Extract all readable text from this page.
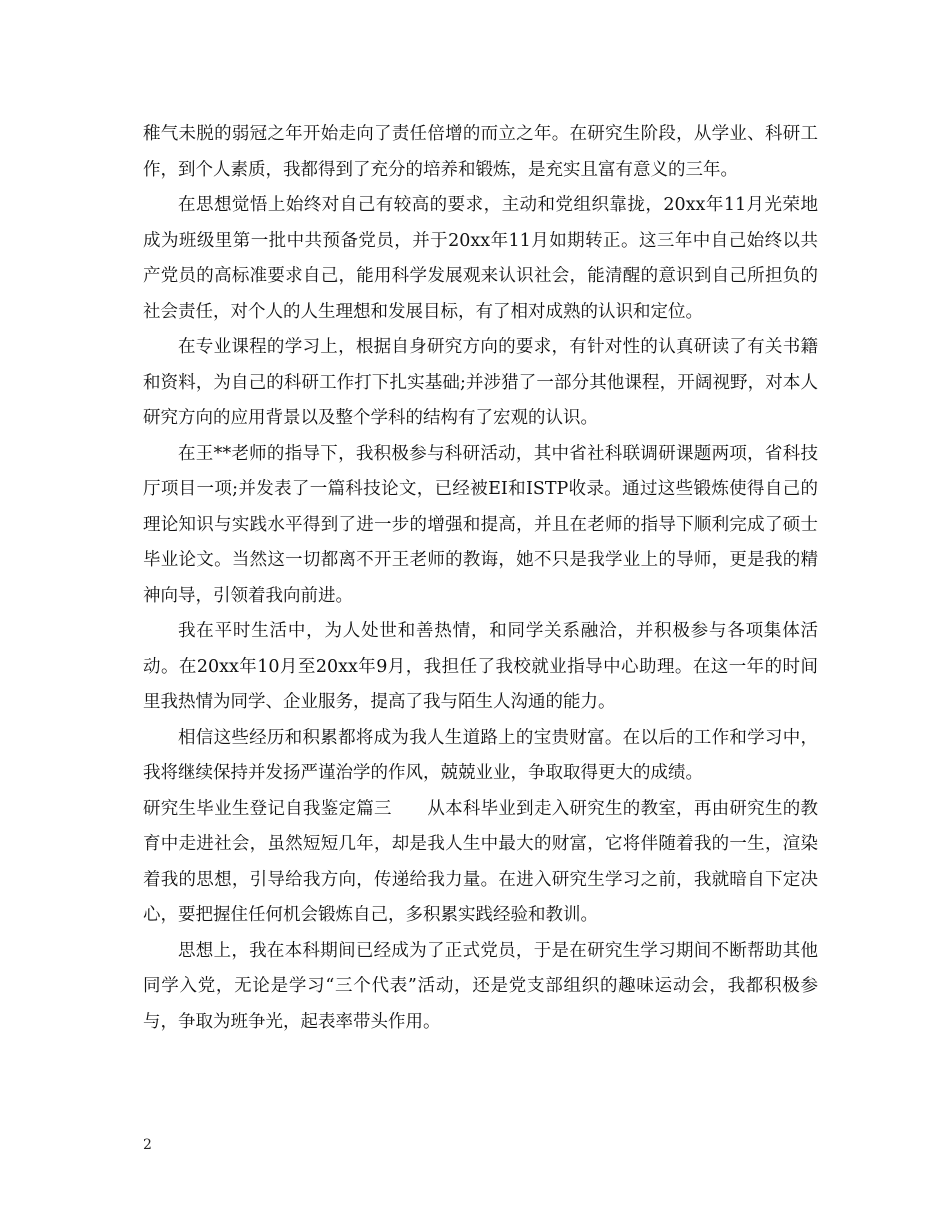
稚气未脱的弱冠之年开始走向了责任倍增的而立之年。在研究生阶段，从学业、科研工作，到个人素质，我都得到了充分的培养和锻炼，是充实且富有意义的三年。

在思想觉悟上始终对自己有较高的要求，主动和党组织靠拢，20xx年11月光荣地成为班级里第一批中共预备党员，并于20xx年11月如期转正。这三年中自己始终以共产党员的高标准要求自己，能用科学发展观来认识社会，能清醒的意识到自己所担负的社会责任，对个人的人生理想和发展目标，有了相对成熟的认识和定位。

在专业课程的学习上，根据自身研究方向的要求，有针对性的认真研读了有关书籍和资料，为自己的科研工作打下扎实基础;并涉猎了一部分其他课程，开阔视野，对本人研究方向的应用背景以及整个学科的结构有了宏观的认识。

在王**老师的指导下，我积极参与科研活动，其中省社科联调研课题两项，省科技厅项目一项;并发表了一篇科技论文，已经被EI和ISTP收录。通过这些锻炼使得自己的理论知识与实践水平得到了进一步的增强和提高，并且在老师的指导下顺利完成了硕士毕业论文。当然这一切都离不开王老师的教诲，她不只是我学业上的导师，更是我的精神向导，引领着我向前进。

我在平时生活中，为人处世和善热情，和同学关系融洽，并积极参与各项集体活动。在20xx年10月至20xx年9月，我担任了我校就业指导中心助理。在这一年的时间里我热情为同学、企业服务，提高了我与陌生人沟通的能力。

相信这些经历和积累都将成为我人生道路上的宝贵财富。在以后的工作和学习中，我将继续保持并发扬严谨治学的作风，兢兢业业，争取取得更大的成绩。

研究生毕业生登记自我鉴定篇三　　从本科毕业到走入研究生的教室，再由研究生的教育中走进社会，虽然短短几年，却是我人生中最大的财富，它将伴随着我的一生，渲染着我的思想，引导给我方向，传递给我力量。在进入研究生学习之前，我就暗自下定决心，要把握住任何机会锻炼自己，多积累实践经验和教训。

思想上，我在本科期间已经成为了正式党员，于是在研究生学习期间不断帮助其他同学入党，无论是学习“三个代表”活动，还是党支部组织的趣味运动会，我都积极参与，争取为班争光，起表率带头作用。

2
